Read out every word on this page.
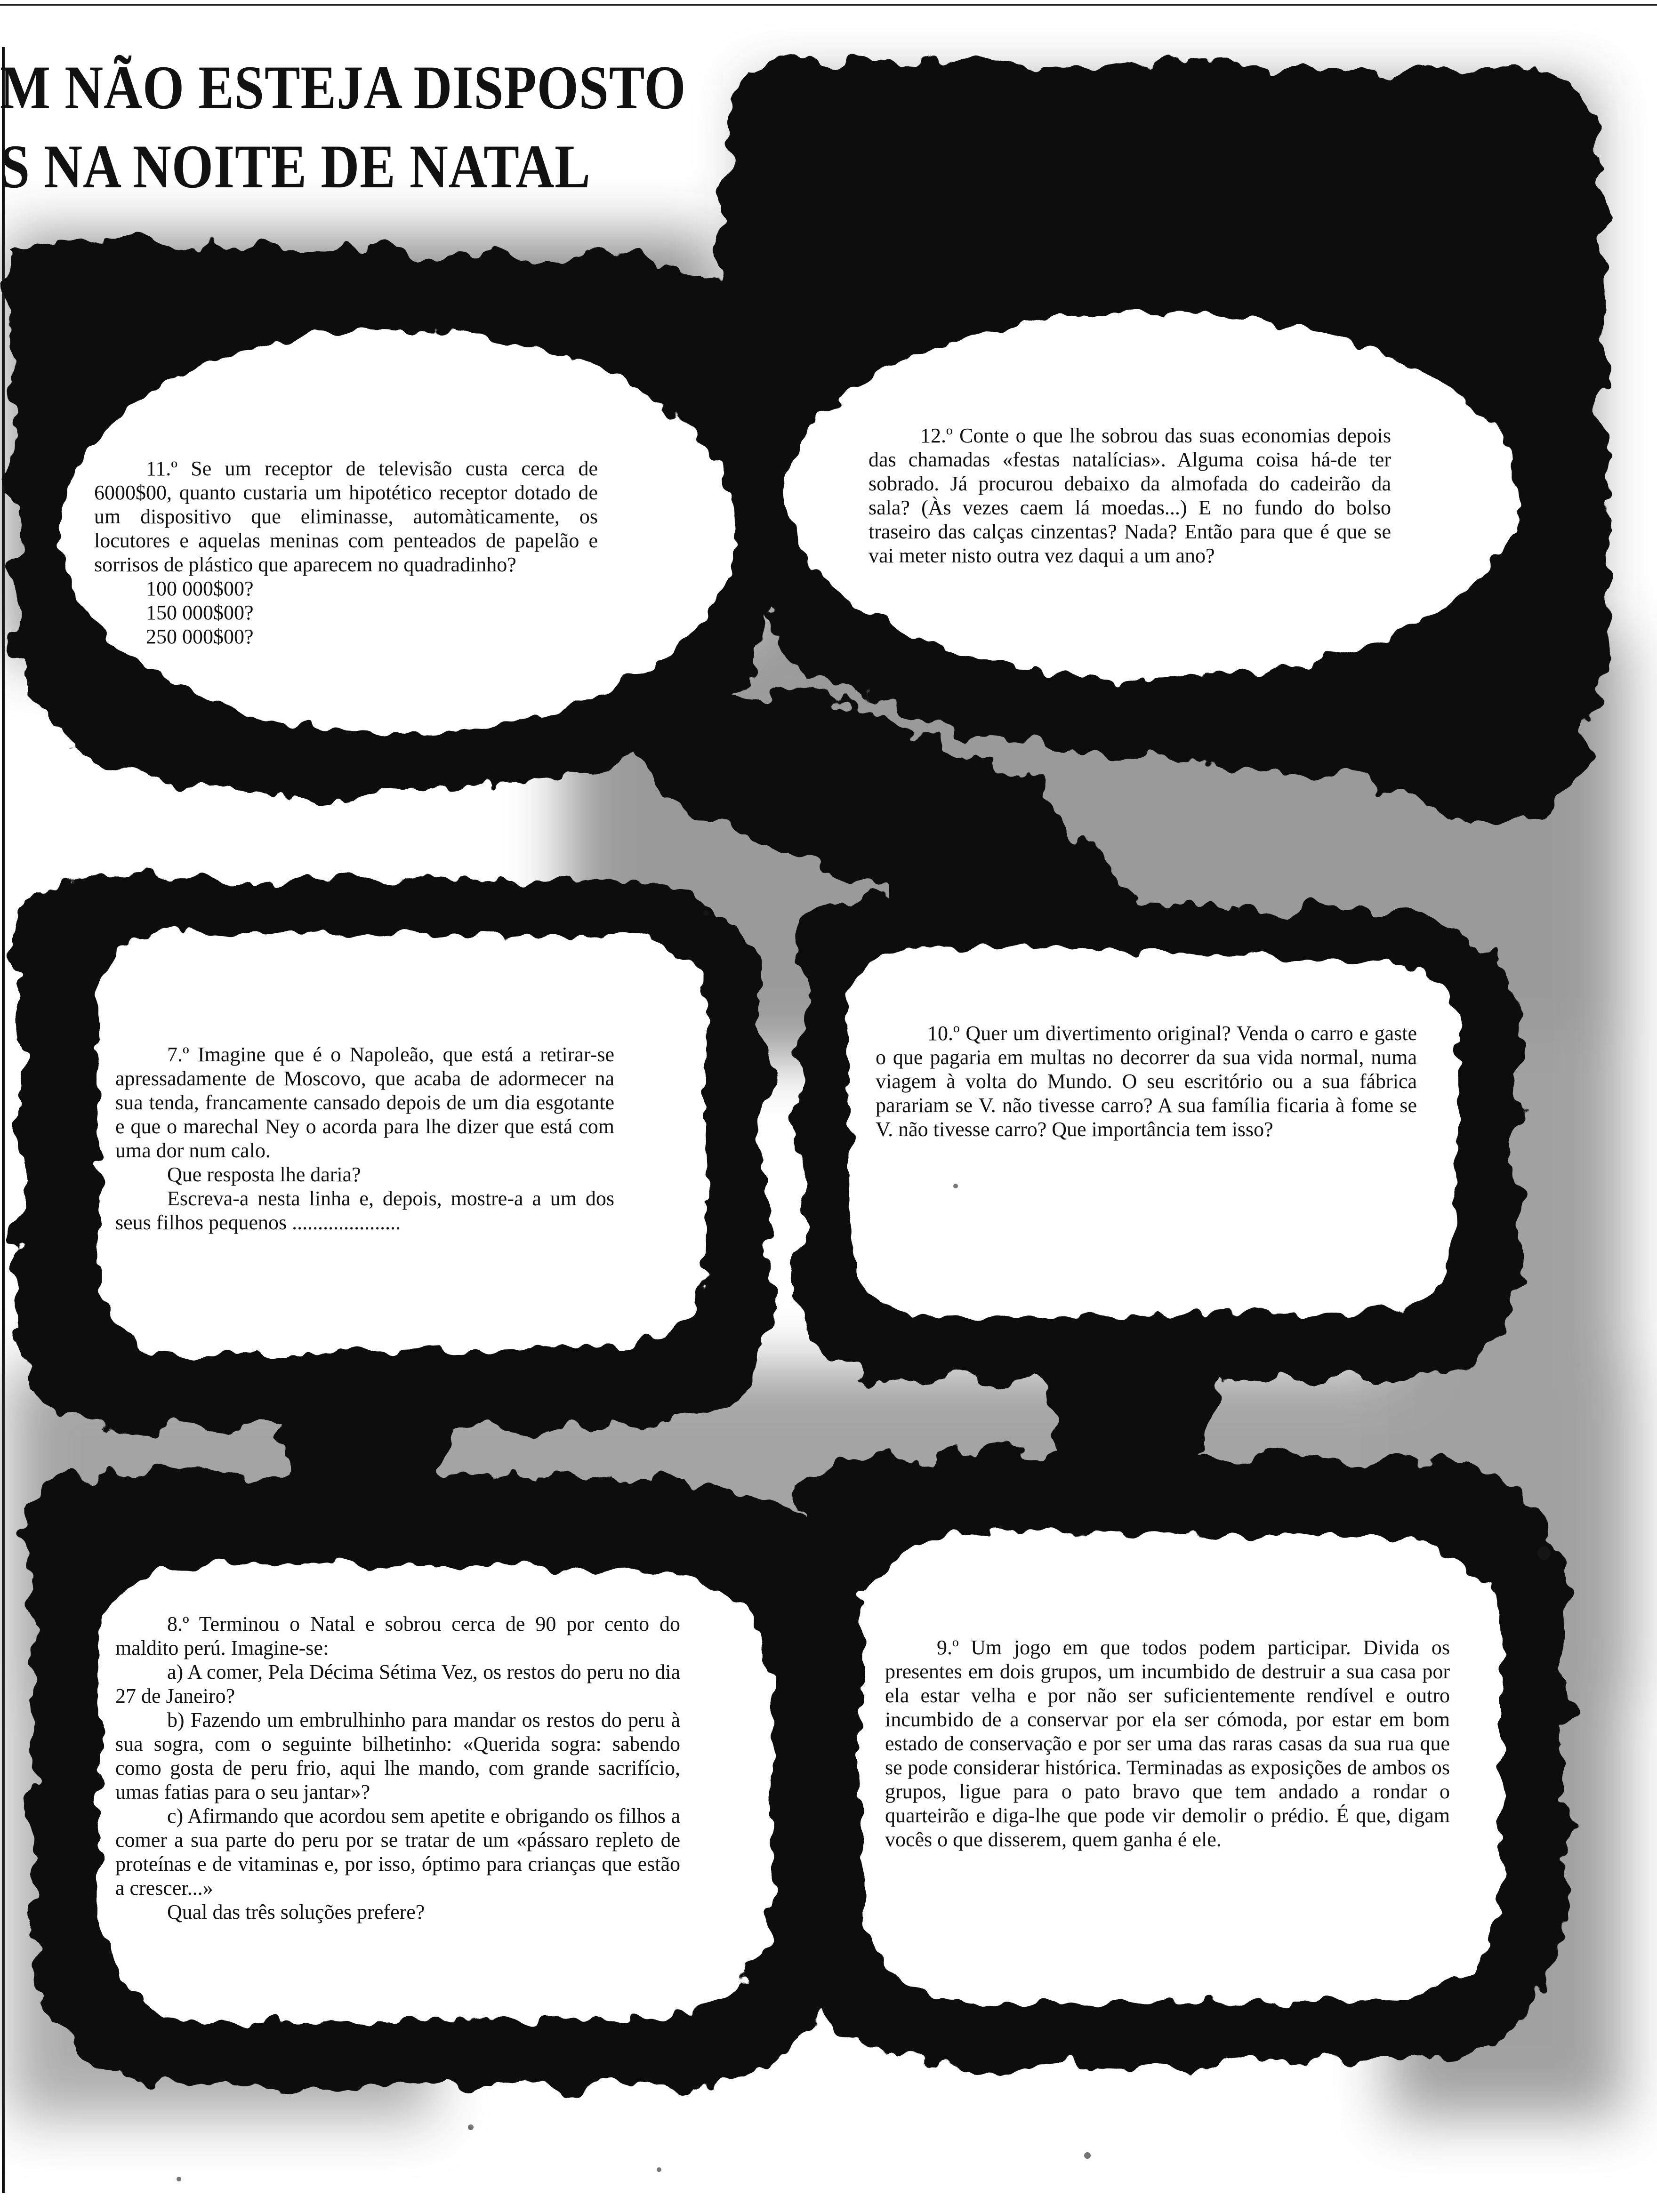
M NÃO ESTEJA DISPOSTO
S NA NOITE DE NATAL
11.º Se um receptor de televisão custa cerca de 6000$00, quanto custaria um hipotético receptor dotado de um dispositivo que eliminasse, automàticamente, os locutores e aquelas meninas com penteados de papelão e sorrisos de plástico que aparecem no quadradinho?
100 000$00?
150 000$00?
250 000$00?
12.º Conte o que lhe sobrou das suas economias depois das chamadas «festas natalícias». Alguma coisa há-de ter sobrado. Já procurou debaixo da almofada do cadeirão da sala? (Às vezes caem lá moedas...) E no fundo do bolso traseiro das calças cinzentas? Nada? Então para que é que se vai meter nisto outra vez daqui a um ano?
7.º Imagine que é o Napoleão, que está a retirar-se apressadamente de Moscovo, que acaba de adormecer na sua tenda, francamente cansado depois de um dia esgotante e que o marechal Ney o acorda para lhe dizer que está com uma dor num calo.
Que resposta lhe daria?
Escreva-a nesta linha e, depois, mostre-a a um dos seus filhos pequenos .....................
10.º Quer um divertimento original? Venda o carro e gaste o que pagaria em multas no decorrer da sua vida normal, numa viagem à volta do Mundo. O seu escritório ou a sua fábrica parariam se V. não tivesse carro? A sua família ficaria à fome se V. não tivesse carro? Que importância tem isso?
8.º Terminou o Natal e sobrou cerca de 90 por cento do maldito perú. Imagine-se:
a) A comer, Pela Décima Sétima Vez, os restos do peru no dia 27 de Janeiro?
b) Fazendo um embrulhinho para mandar os restos do peru à sua sogra, com o seguinte bilhetinho: «Querida sogra: sabendo como gosta de peru frio, aqui lhe mando, com grande sacrifício, umas fatias para o seu jantar»?
c) Afirmando que acordou sem apetite e obrigando os filhos a comer a sua parte do peru por se tratar de um «pássaro repleto de proteínas e de vitaminas e, por isso, óptimo para crianças que estão a crescer...»
Qual das três soluções prefere?
9.º Um jogo em que todos podem participar. Divida os presentes em dois grupos, um incumbido de destruir a sua casa por ela estar velha e por não ser suficientemente rendível e outro incumbido de a conservar por ela ser cómoda, por estar em bom estado de conservação e por ser uma das raras casas da sua rua que se pode considerar histórica. Terminadas as exposições de ambos os grupos, ligue para o pato bravo que tem andado a rondar o quarteirão e diga-lhe que pode vir demolir o prédio. É que, digam vocês o que disserem, quem ganha é ele.
